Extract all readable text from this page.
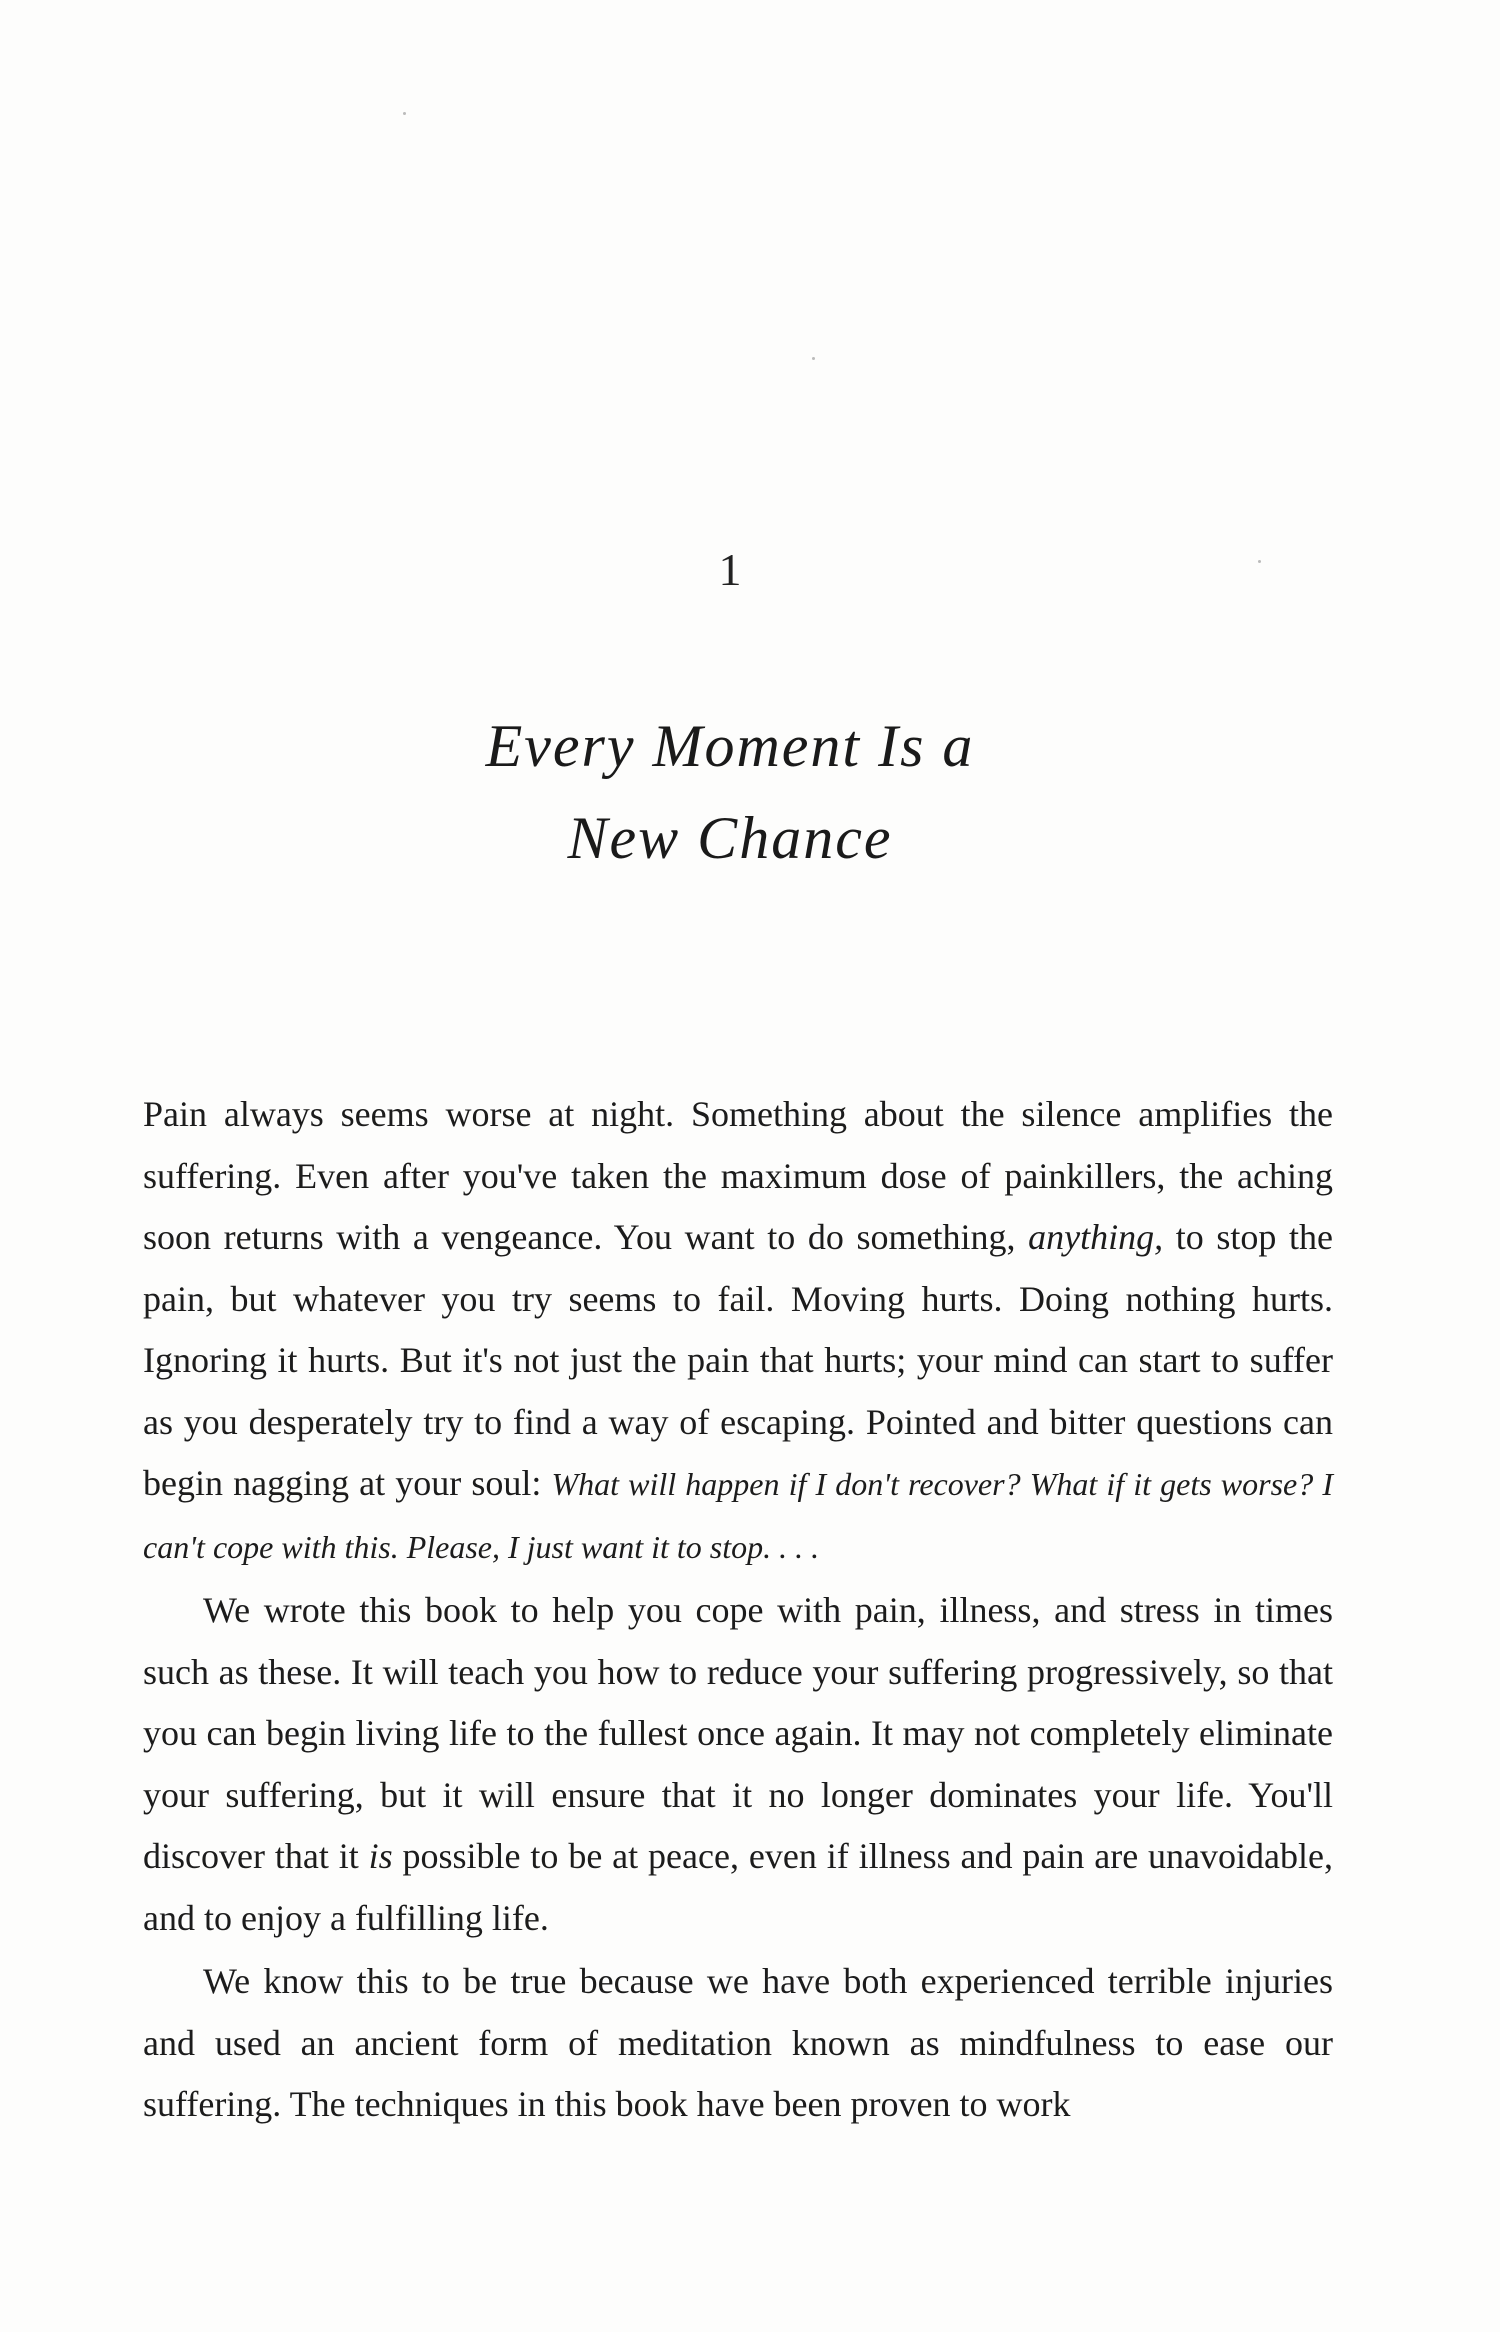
1
Every Moment Is a
New Chance

Pain always seems worse at night. Something about the silence amplifies the suffering. Even after you've taken the maximum dose of painkillers, the aching soon returns with a vengeance. You want to do something, anything, to stop the pain, but whatever you try seems to fail. Moving hurts. Doing nothing hurts. Ignoring it hurts. But it's not just the pain that hurts; your mind can start to suffer as you desperately try to find a way of escaping. Pointed and bitter questions can begin nagging at your soul: What will happen if I don't recover? What if it gets worse? I can't cope with this. Please, I just want it to stop. . . .

We wrote this book to help you cope with pain, illness, and stress in times such as these. It will teach you how to reduce your suffering progressively, so that you can begin living life to the fullest once again. It may not completely eliminate your suffering, but it will ensure that it no longer dominates your life. You'll discover that it is possible to be at peace, even if illness and pain are unavoidable, and to enjoy a fulfilling life.

We know this to be true because we have both experienced terrible injuries and used an ancient form of meditation known as mindfulness to ease our suffering. The techniques in this book have been proven to work
